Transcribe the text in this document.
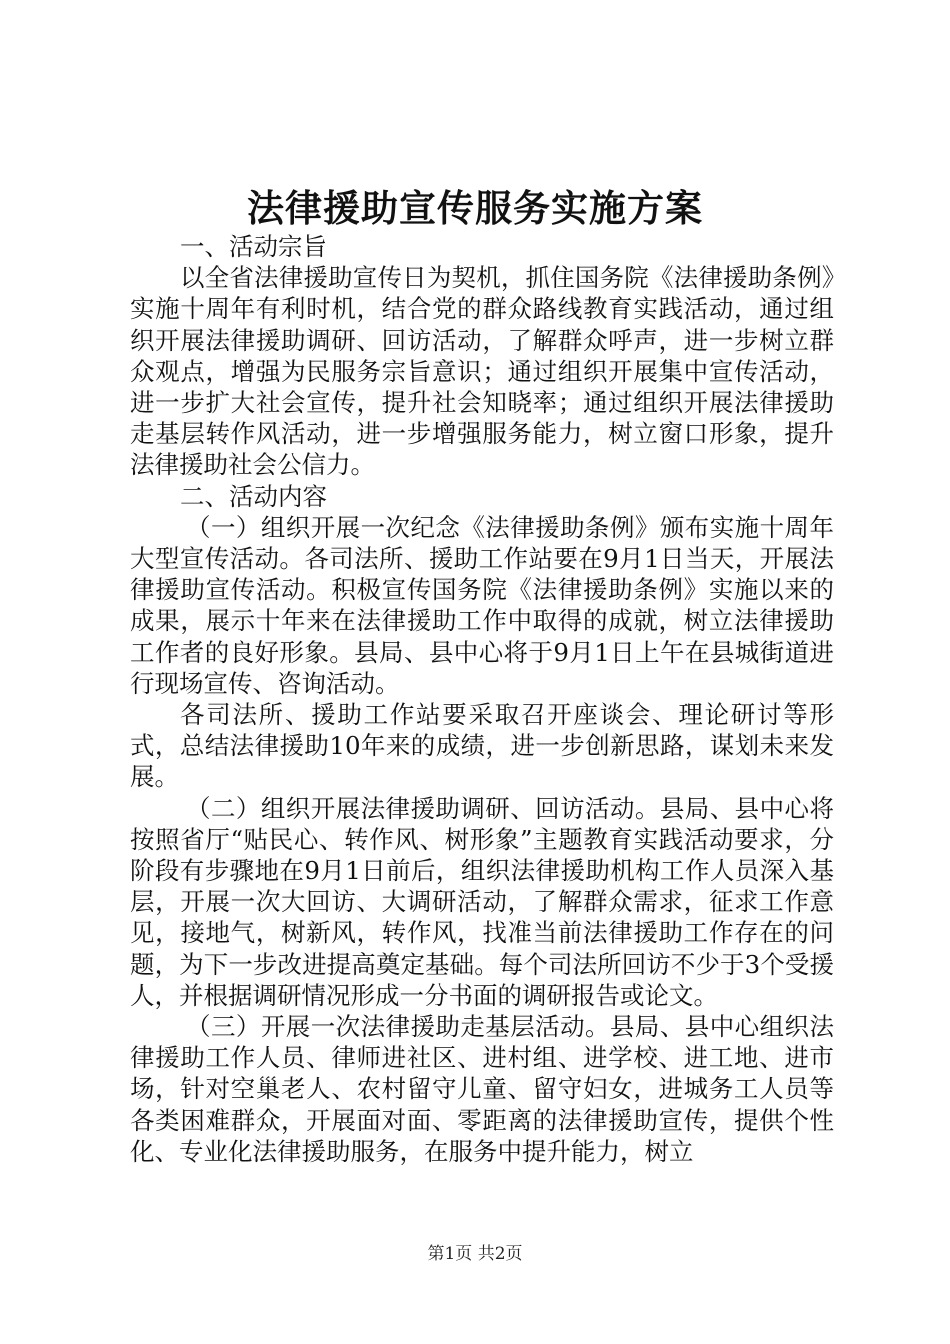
法律援助宣传服务实施方案

一、活动宗旨

以全省法律援助宣传日为契机，抓住国务院《法律援助条例》实施十周年有利时机，结合党的群众路线教育实践活动，通过组织开展法律援助调研、回访活动，了解群众呼声，进一步树立群众观点，增强为民服务宗旨意识；通过组织开展集中宣传活动，进一步扩大社会宣传，提升社会知晓率；通过组织开展法律援助走基层转作风活动，进一步增强服务能力，树立窗口形象，提升法律援助社会公信力。

二、活动内容

（一）组织开展一次纪念《法律援助条例》颁布实施十周年大型宣传活动。各司法所、援助工作站要在9月1日当天，开展法律援助宣传活动。积极宣传国务院《法律援助条例》实施以来的成果，展示十年来在法律援助工作中取得的成就，树立法律援助工作者的良好形象。县局、县中心将于9月1日上午在县城街道进行现场宣传、咨询活动。

各司法所、援助工作站要采取召开座谈会、理论研讨等形式，总结法律援助10年来的成绩，进一步创新思路，谋划未来发展。

（二）组织开展法律援助调研、回访活动。县局、县中心将按照省厅“贴民心、转作风、树形象”主题教育实践活动要求，分阶段有步骤地在9月1日前后，组织法律援助机构工作人员深入基层，开展一次大回访、大调研活动，了解群众需求，征求工作意见，接地气，树新风，转作风，找准当前法律援助工作存在的问题，为下一步改进提高奠定基础。每个司法所回访不少于3个受援人，并根据调研情况形成一分书面的调研报告或论文。

（三）开展一次法律援助走基层活动。县局、县中心组织法律援助工作人员、律师进社区、进村组、进学校、进工地、进市场，针对空巢老人、农村留守儿童、留守妇女，进城务工人员等各类困难群众，开展面对面、零距离的法律援助宣传，提供个性化、专业化法律援助服务，在服务中提升能力，树立

第1页 共2页
